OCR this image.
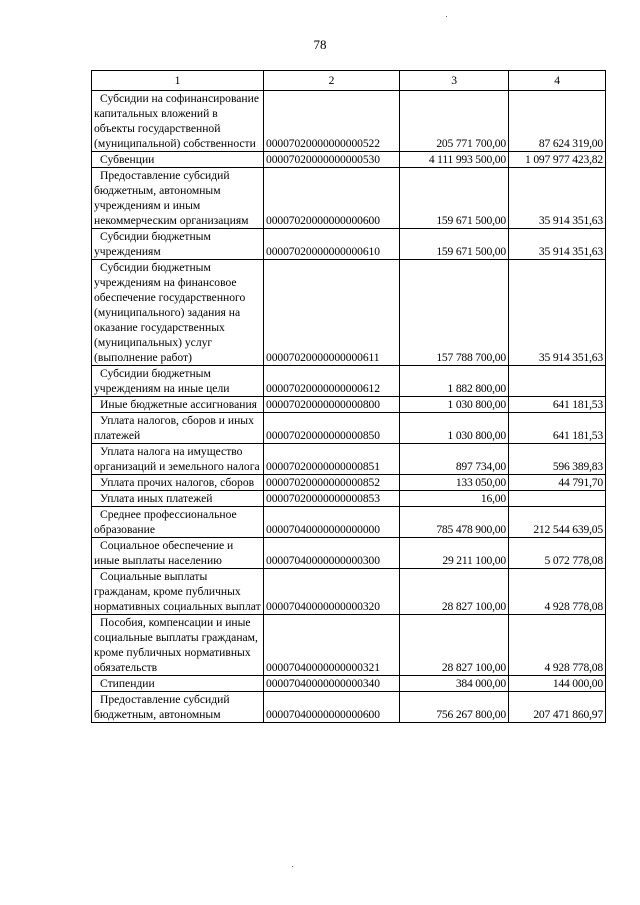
78
1	2	3	4

Субсидии на софинансирование капитальных вложений в объекты государственной (муниципальной) собственности	00007020000000000522	205 771 700,00	87 624 319,00

Субвенции	00007020000000000530	4 111 993 500,00	1 097 977 423,82

Предоставление субсидий бюджетным, автономным учреждениям и иным некоммерческим организациям	00007020000000000600	159 671 500,00	35 914 351,63

Субсидии бюджетным учреждениям	00007020000000000610	159 671 500,00	35 914 351,63

Субсидии бюджетным учреждениям на финансовое обеспечение государственного (муниципального) задания на оказание государственных (муниципальных) услуг (выполнение работ)	00007020000000000611	157 788 700,00	35 914 351,63

Субсидии бюджетным учреждениям на иные цели	00007020000000000612	1 882 800,00	

Иные бюджетные ассигнования	00007020000000000800	1 030 800,00	641 181,53

Уплата налогов, сборов и иных платежей	00007020000000000850	1 030 800,00	641 181,53

Уплата налога на имущество организаций и земельного налога	00007020000000000851	897 734,00	596 389,83

Уплата прочих налогов, сборов	00007020000000000852	133 050,00	44 791,70

Уплата иных платежей	00007020000000000853	16,00	

Среднее профессиональное образование	00007040000000000000	785 478 900,00	212 544 639,05

Социальное обеспечение и иные выплаты населению	00007040000000000300	29 211 100,00	5 072 778,08

Социальные выплаты гражданам, кроме публичных нормативных социальных выплат	00007040000000000320	28 827 100,00	4 928 778,08

Пособия, компенсации и иные социальные выплаты гражданам, кроме публичных нормативных обязательств	00007040000000000321	28 827 100,00	4 928 778,08

Стипендии	00007040000000000340	384 000,00	144 000,00

Предоставление субсидий бюджетным, автономным	00007040000000000600	756 267 800,00	207 471 860,97
